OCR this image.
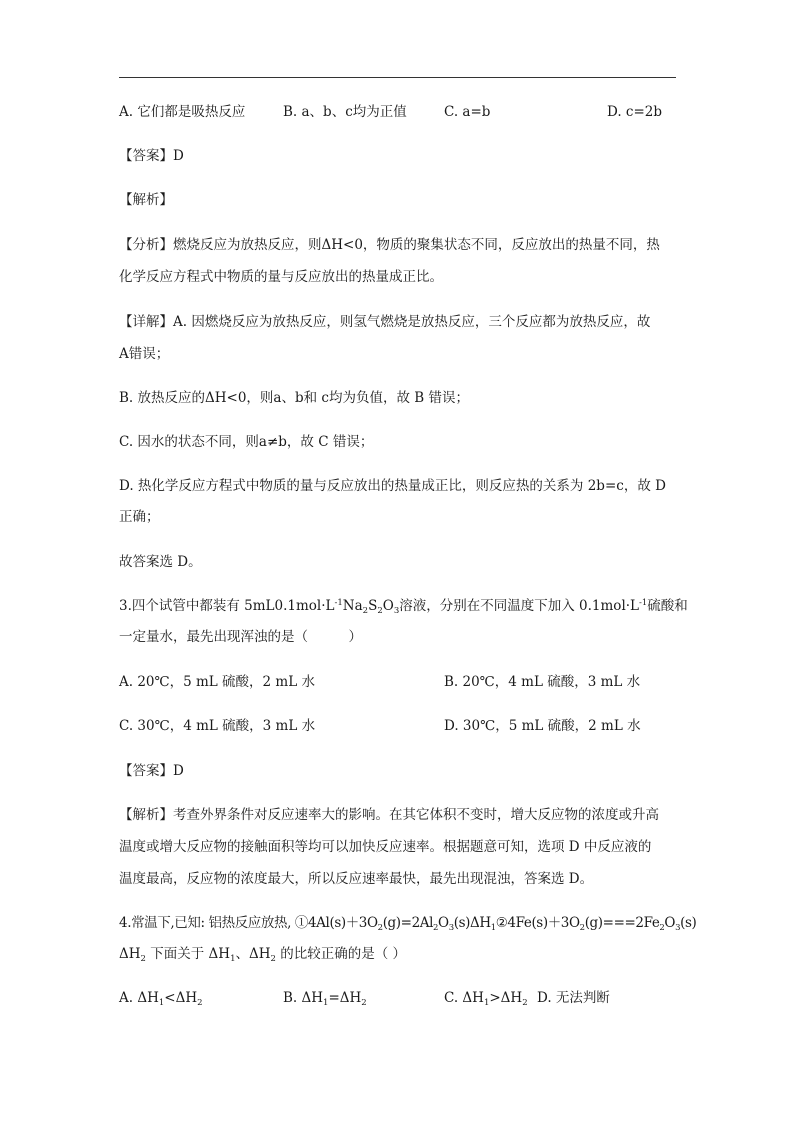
A. 它们都是吸热反应	B. a、b、c均为正值	C. a=b	D. c=2b
【答案】D
【解析】
【分析】燃烧反应为放热反应，则ΔH<0，物质的聚集状态不同，反应放出的热量不同，热
化学反应方程式中物质的量与反应放出的热量成正比。
【详解】A. 因燃烧反应为放热反应，则氢气燃烧是放热反应，三个反应都为放热反应，故
A错误；
B. 放热反应的ΔH<0，则a、b和 c均为负值，故 B 错误；
C. 因水的状态不同，则a≠b，故 C 错误；
D. 热化学反应方程式中物质的量与反应放出的热量成正比，则反应热的关系为 2b=c，故 D
正确；
故答案选 D。
3.四个试管中都装有 $5mL0.1mol\cdot L^{-1}Na_2S_2O_3$溶液，分别在不同温度下加入 $0.1mol\cdot L^{-1}$硫酸和
一定量水，最先出现浑浊的是（　　　）
A. 20℃，5 mL 硫酸，2 mL 水	B. 20℃，4 mL 硫酸，3 mL 水
C. 30℃，4 mL 硫酸，3 mL 水	D. 30℃，5 mL 硫酸，2 mL 水
【答案】D
【解析】考查外界条件对反应速率大的影响。在其它体积不变时，增大反应物的浓度或升高
温度或增大反应物的接触面积等均可以加快反应速率。根据题意可知，选项 D 中反应液的
温度最高，反应物的浓度最大，所以反应速率最快，最先出现混浊，答案选 D。
4.常温下,已知: 铝热反应放热, $①4Al(s)+3O_2(g)=2Al_2O_3(s)\Delta H_1②4Fe(s)+3O_2(g)===2Fe_2O_3(s)$
$\Delta H_2$ 下面关于 $\Delta H_1$、$\Delta H_2$ 的比较正确的是（ ）
A. $\Delta H_1<\Delta H_2$	B. $\Delta H_1=\Delta H_2$	C. $\Delta H_1>\Delta H_2$ D. 无法判断
